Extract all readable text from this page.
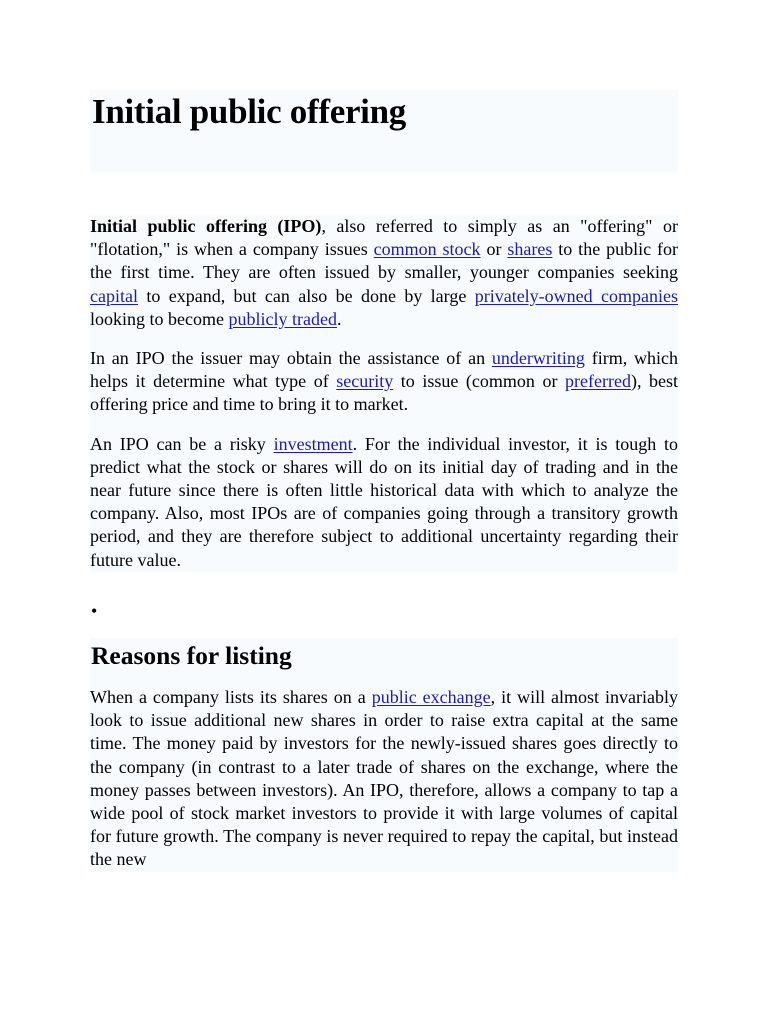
Initial public offering

Initial public offering (IPO), also referred to simply as an "offering" or "flotation," is when a company issues common stock or shares to the public for the first time. They are often issued by smaller, younger companies seeking capital to expand, but can also be done by large privately-owned companies looking to become publicly traded.

In an IPO the issuer may obtain the assistance of an underwriting firm, which helps it determine what type of security to issue (common or preferred), best offering price and time to bring it to market.

An IPO can be a risky investment. For the individual investor, it is tough to predict what the stock or shares will do on its initial day of trading and in the near future since there is often little historical data with which to analyze the company. Also, most IPOs are of companies going through a transitory growth period, and they are therefore subject to additional uncertainty regarding their future value.

•
Reasons for listing

When a company lists its shares on a public exchange, it will almost invariably look to issue additional new shares in order to raise extra capital at the same time. The money paid by investors for the newly-issued shares goes directly to the company (in contrast to a later trade of shares on the exchange, where the money passes between investors). An IPO, therefore, allows a company to tap a wide pool of stock market investors to provide it with large volumes of capital for future growth. The company is never required to repay the capital, but instead the new
